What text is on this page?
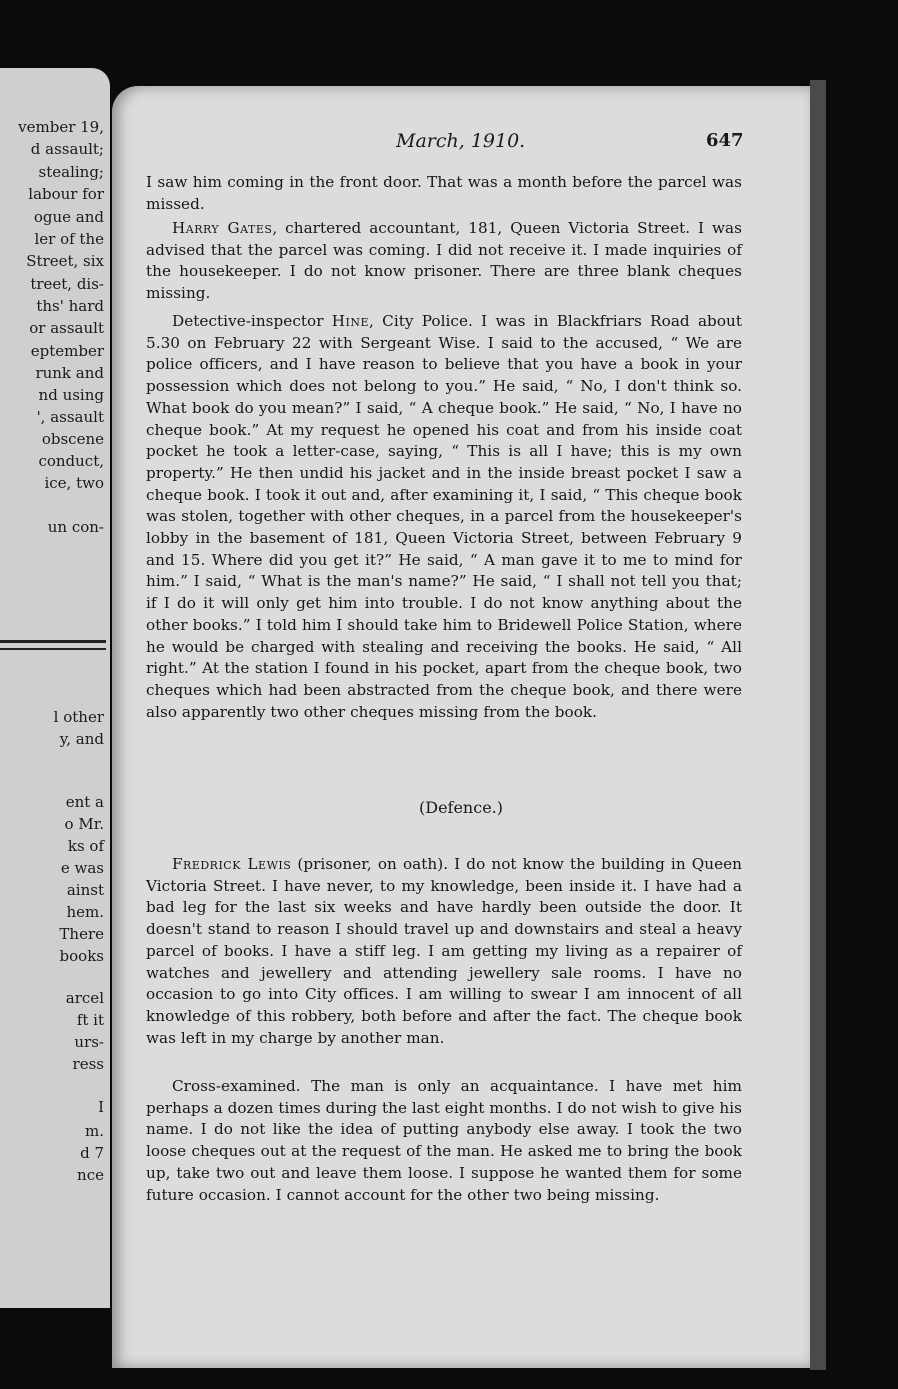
vember 19,
d assault;
stealing;
labour for
ogue and
ler of the
Street, six
treet, dis-
ths' hard
or assault
eptember
runk and
nd using
', assault
obscene
conduct,
ice, two
un con-
l other
y, and
ent a
o Mr.
ks of
e was
ainst
hem.
There
books
arcel
ft it
urs-
ress
I
m.
d 7
nce
March, 1910.	647

I saw him coming in the front door. That was a month before the parcel was missed.

Harry Gates, chartered accountant, 181, Queen Victoria Street. I was advised that the parcel was coming. I did not receive it. I made inquiries of the housekeeper. I do not know prisoner. There are three blank cheques missing.

Detective-inspector Hine, City Police. I was in Blackfriars Road about 5.30 on February 22 with Sergeant Wise. I said to the accused, “ We are police officers, and I have reason to believe that you have a book in your possession which does not belong to you.” He said, “ No, I don't think so. What book do you mean?” I said, “ A cheque book.” He said, “ No, I have no cheque book.” At my request he opened his coat and from his inside coat pocket he took a letter-case, saying, “ This is all I have; this is my own property.” He then undid his jacket and in the inside breast pocket I saw a cheque book. I took it out and, after examining it, I said, “ This cheque book was stolen, together with other cheques, in a parcel from the housekeeper's lobby in the basement of 181, Queen Victoria Street, between February 9 and 15. Where did you get it?” He said, “ A man gave it to me to mind for him.” I said, “ What is the man's name?” He said, “ I shall not tell you that; if I do it will only get him into trouble. I do not know anything about the other books.” I told him I should take him to Bridewell Police Station, where he would be charged with stealing and receiving the books. He said, “ All right.” At the station I found in his pocket, apart from the cheque book, two cheques which had been abstracted from the cheque book, and there were also apparently two other cheques missing from the book.

(Defence.)

Fredrick Lewis (prisoner, on oath). I do not know the building in Queen Victoria Street. I have never, to my knowledge, been inside it. I have had a bad leg for the last six weeks and have hardly been outside the door. It doesn't stand to reason I should travel up and downstairs and steal a heavy parcel of books. I have a stiff leg. I am getting my living as a repairer of watches and jewellery and attending jewellery sale rooms. I have no occasion to go into City offices. I am willing to swear I am innocent of all knowledge of this robbery, both before and after the fact. The cheque book was left in my charge by another man.

Cross-examined. The man is only an acquaintance. I have met him perhaps a dozen times during the last eight months. I do not wish to give his name. I do not like the idea of putting anybody else away. I took the two loose cheques out at the request of the man. He asked me to bring the book up, take two out and leave them loose. I suppose he wanted them for some future occasion. I cannot account for the other two being missing.
